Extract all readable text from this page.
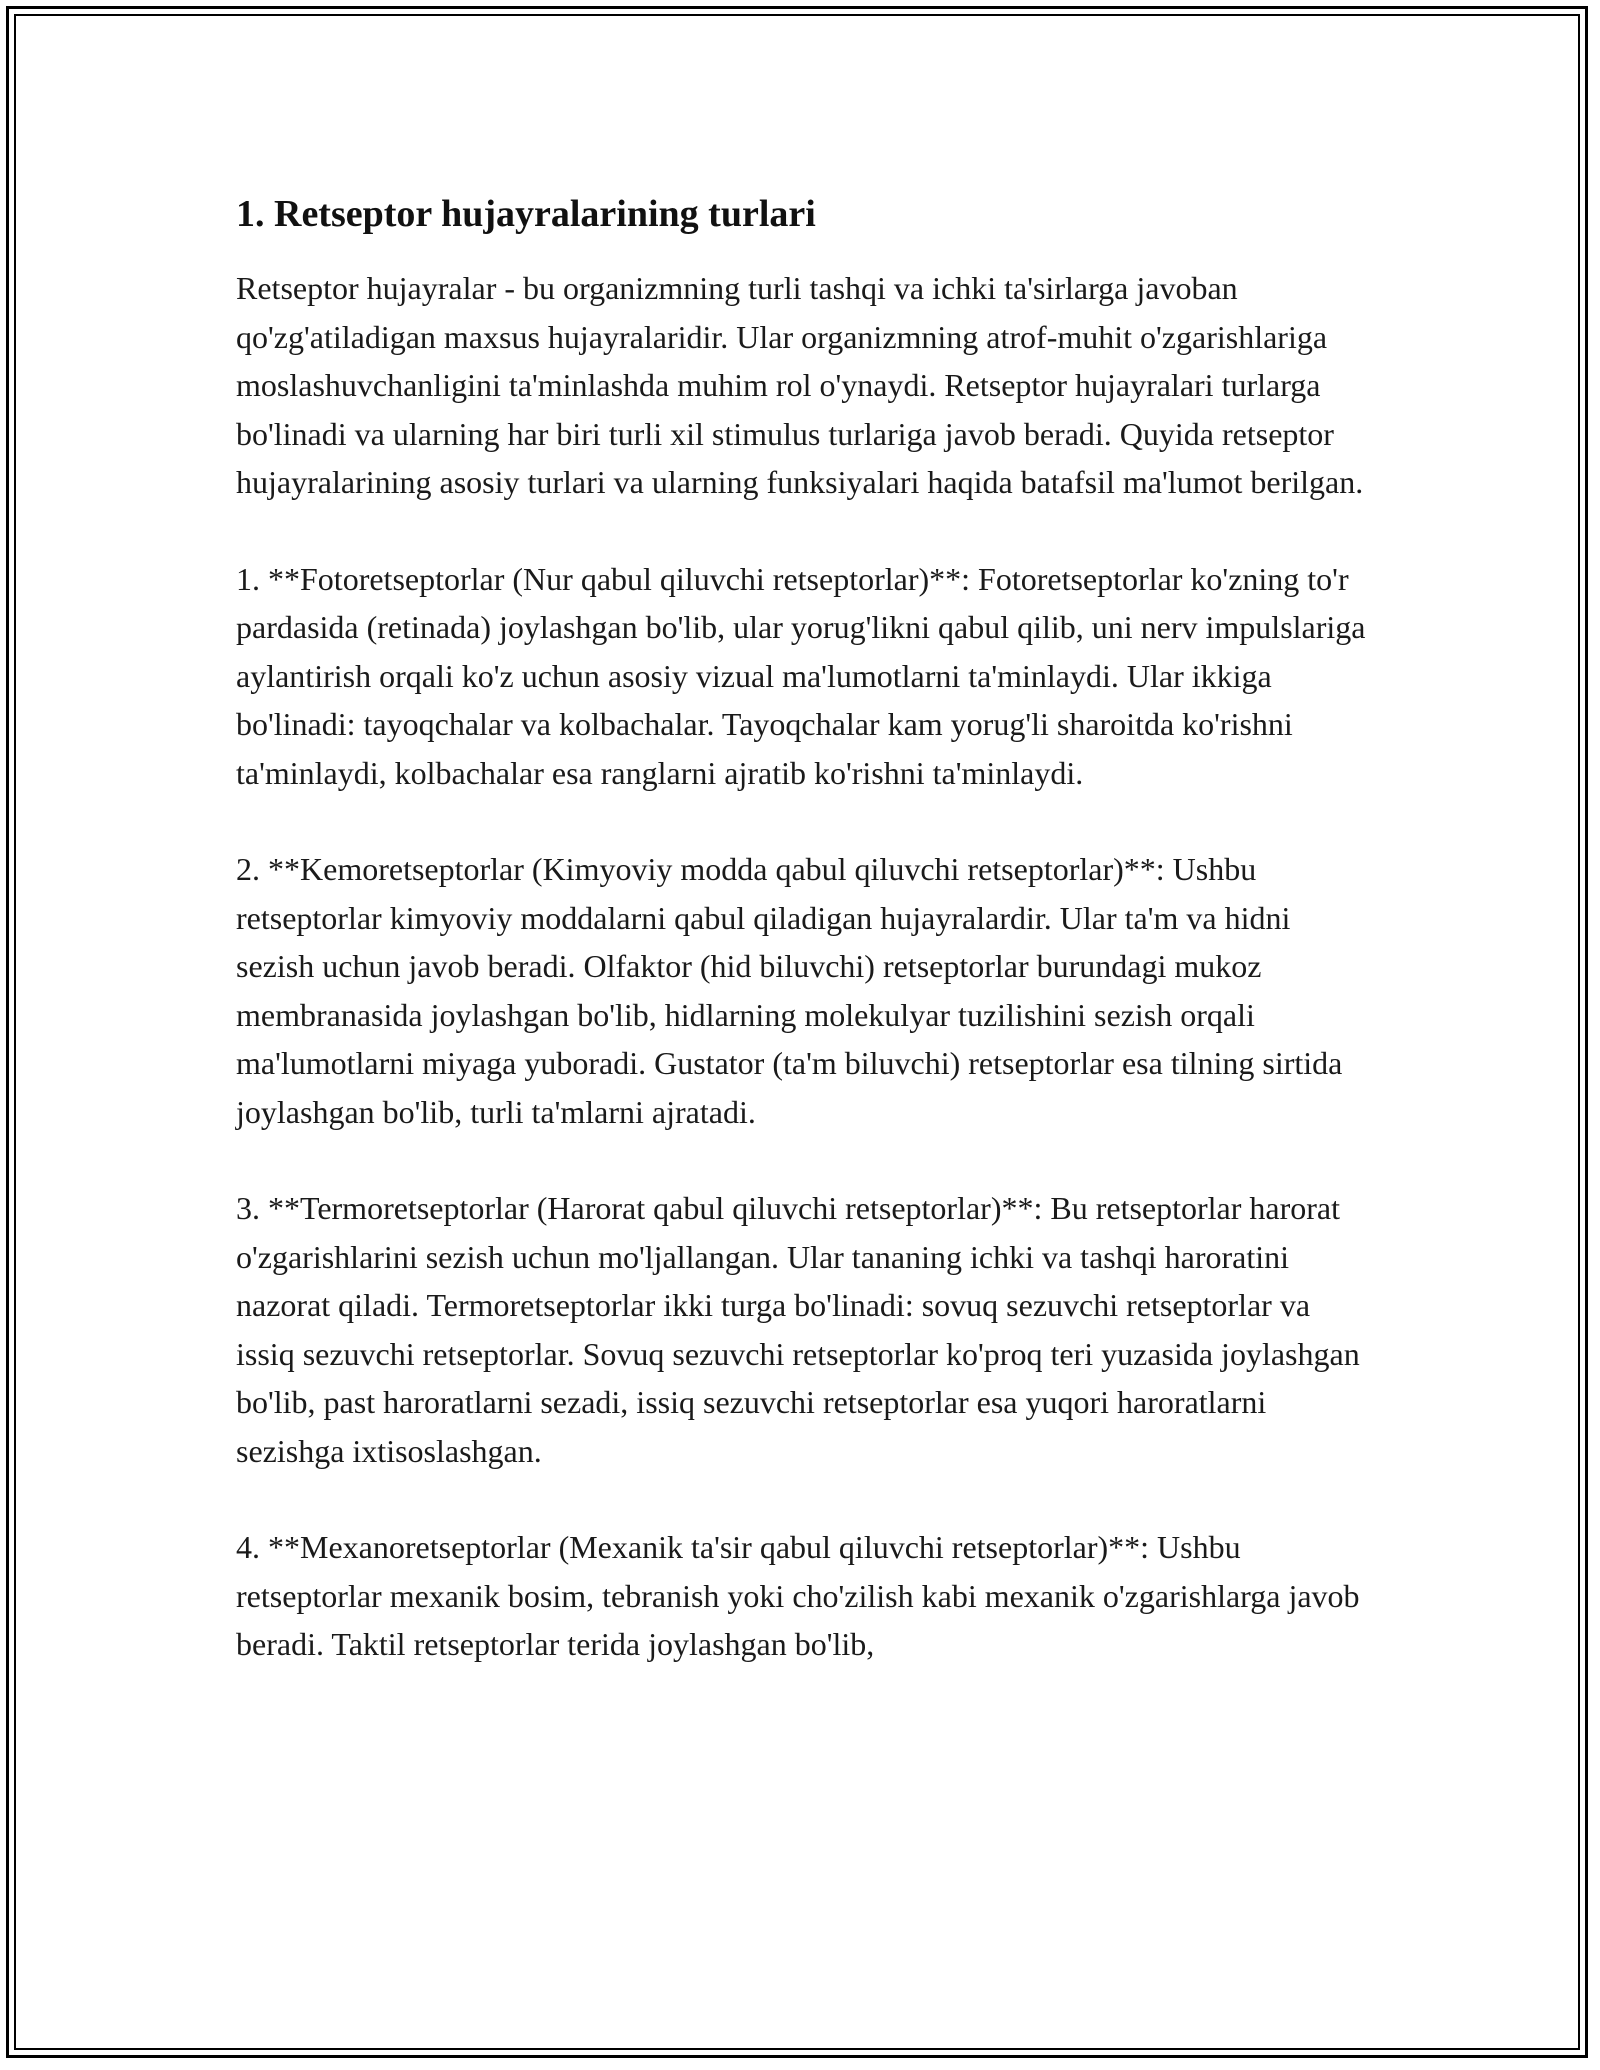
1. Retseptor hujayralarining turlari

Retseptor hujayralar - bu organizmning turli tashqi va ichki ta'sirlarga javoban qo'zg'atiladigan maxsus hujayralaridir. Ular organizmning atrof-muhit o'zgarishlariga moslashuvchanligini ta'minlashda muhim rol o'ynaydi. Retseptor hujayralari turlarga bo'linadi va ularning har biri turli xil stimulus turlariga javob beradi. Quyida retseptor hujayralarining asosiy turlari va ularning funksiyalari haqida batafsil ma'lumot berilgan.

1. **Fotoretseptorlar (Nur qabul qiluvchi retseptorlar)**: Fotoretseptorlar ko'zning to'r pardasida (retinada) joylashgan bo'lib, ular yorug'likni qabul qilib, uni nerv impulslariga aylantirish orqali ko'z uchun asosiy vizual ma'lumotlarni ta'minlaydi. Ular ikkiga bo'linadi: tayoqchalar va kolbachalar. Tayoqchalar kam yorug'li sharoitda ko'rishni ta'minlaydi, kolbachalar esa ranglarni ajratib ko'rishni ta'minlaydi.

2. **Kemoretseptorlar (Kimyoviy modda qabul qiluvchi retseptorlar)**: Ushbu retseptorlar kimyoviy moddalarni qabul qiladigan hujayralardir. Ular ta'm va hidni sezish uchun javob beradi. Olfaktor (hid biluvchi) retseptorlar burundagi mukoz membranasida joylashgan bo'lib, hidlarning molekulyar tuzilishini sezish orqali ma'lumotlarni miyaga yuboradi. Gustator (ta'm biluvchi) retseptorlar esa tilning sirtida joylashgan bo'lib, turli ta'mlarni ajratadi.

3. **Termoretseptorlar (Harorat qabul qiluvchi retseptorlar)**: Bu retseptorlar harorat o'zgarishlarini sezish uchun mo'ljallangan. Ular tananing ichki va tashqi haroratini nazorat qiladi. Termoretseptorlar ikki turga bo'linadi: sovuq sezuvchi retseptorlar va issiq sezuvchi retseptorlar. Sovuq sezuvchi retseptorlar ko'proq teri yuzasida joylashgan bo'lib, past haroratlarni sezadi, issiq sezuvchi retseptorlar esa yuqori haroratlarni sezishga ixtisoslashgan.

4. **Mexanoretseptorlar (Mexanik ta'sir qabul qiluvchi retseptorlar)**: Ushbu retseptorlar mexanik bosim, tebranish yoki cho'zilish kabi mexanik o'zgarishlarga javob beradi. Taktil retseptorlar terida joylashgan bo'lib,
